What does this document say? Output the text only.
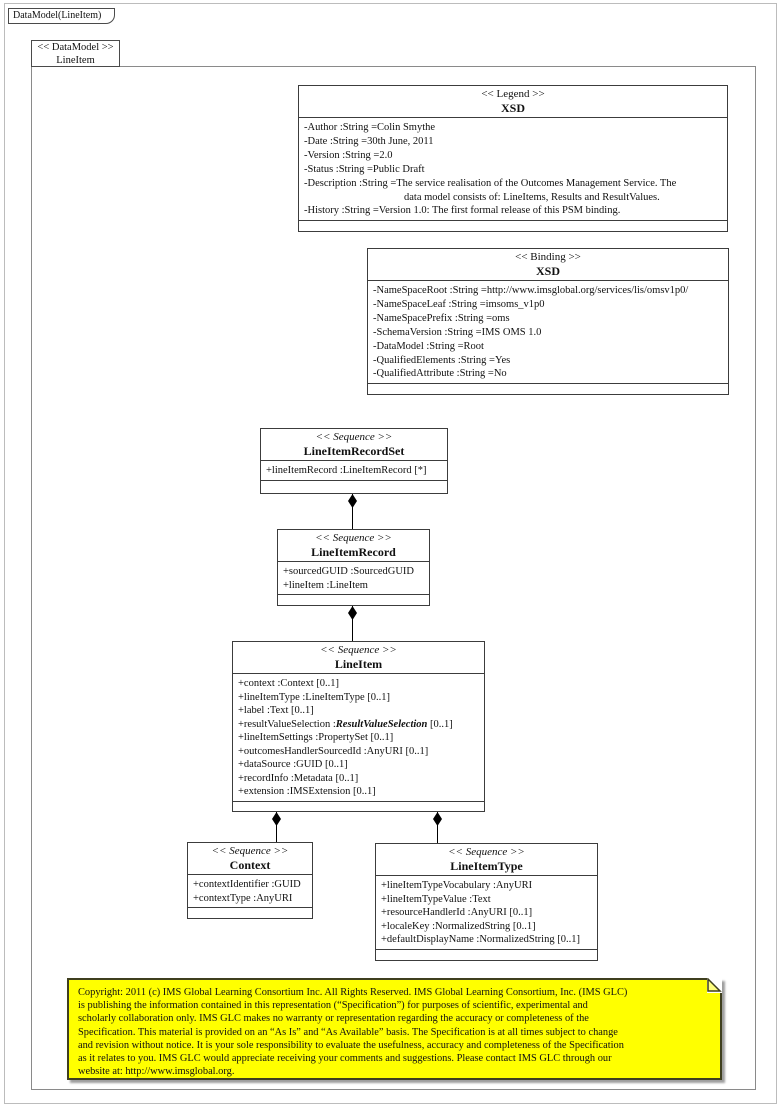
DataModel(LineItem)
<< DataModel >>
LineItem
<< Legend >>
XSD
-Author :String =Colin Smythe
-Date :String =30th June, 2011
-Version :String =2.0
-Status :String =Public Draft
-Description :String =The service realisation of the Outcomes Management Service. The
data model consists of: LineItems, Results and ResultValues.
-History :String =Version 1.0: The first formal release of this PSM binding.
<< Binding >>
XSD
-NameSpaceRoot :String =http://www.imsglobal.org/services/lis/omsv1p0/
-NameSpaceLeaf :String =imsoms_v1p0
-NameSpacePrefix :String =oms
-SchemaVersion :String =IMS OMS 1.0
-DataModel :String =Root
-QualifiedElements :String =Yes
-QualifiedAttribute :String =No
<< Sequence >>
LineItemRecordSet
+lineItemRecord :LineItemRecord [*]
<< Sequence >>
LineItemRecord
+sourcedGUID :SourcedGUID
+lineItem :LineItem
<< Sequence >>
LineItem
+context :Context [0..1]
+lineItemType :LineItemType [0..1]
+label :Text [0..1]
+resultValueSelection :ResultValueSelection [0..1]
+lineItemSettings :PropertySet [0..1]
+outcomesHandlerSourcedId :AnyURI [0..1]
+dataSource :GUID [0..1]
+recordInfo :Metadata [0..1]
+extension :IMSExtension [0..1]
<< Sequence >>
Context
+contextIdentifier :GUID
+contextType :AnyURI
<< Sequence >>
LineItemType
+lineItemTypeVocabulary :AnyURI
+lineItemTypeValue :Text
+resourceHandlerId :AnyURI [0..1]
+localeKey :NormalizedString [0..1]
+defaultDisplayName :NormalizedString [0..1]
Copyright: 2011 (c) IMS Global Learning Consortium Inc. All Rights Reserved. IMS Global Learning Consortium, Inc. (IMS GLC)
is publishing the information contained in this representation (“Specification”) for purposes of scientific, experimental and
scholarly collaboration only. IMS GLC makes no warranty or representation regarding the accuracy or completeness of the
Specification. This material is provided on an “As Is” and “As Available” basis. The Specification is at all times subject to change
and revision without notice. It is your sole responsibility to evaluate the usefulness, accuracy and completeness of the Specification
as it relates to you. IMS GLC would appreciate receiving your comments and suggestions. Please contact IMS GLC through our
website at: http://www.imsglobal.org.
